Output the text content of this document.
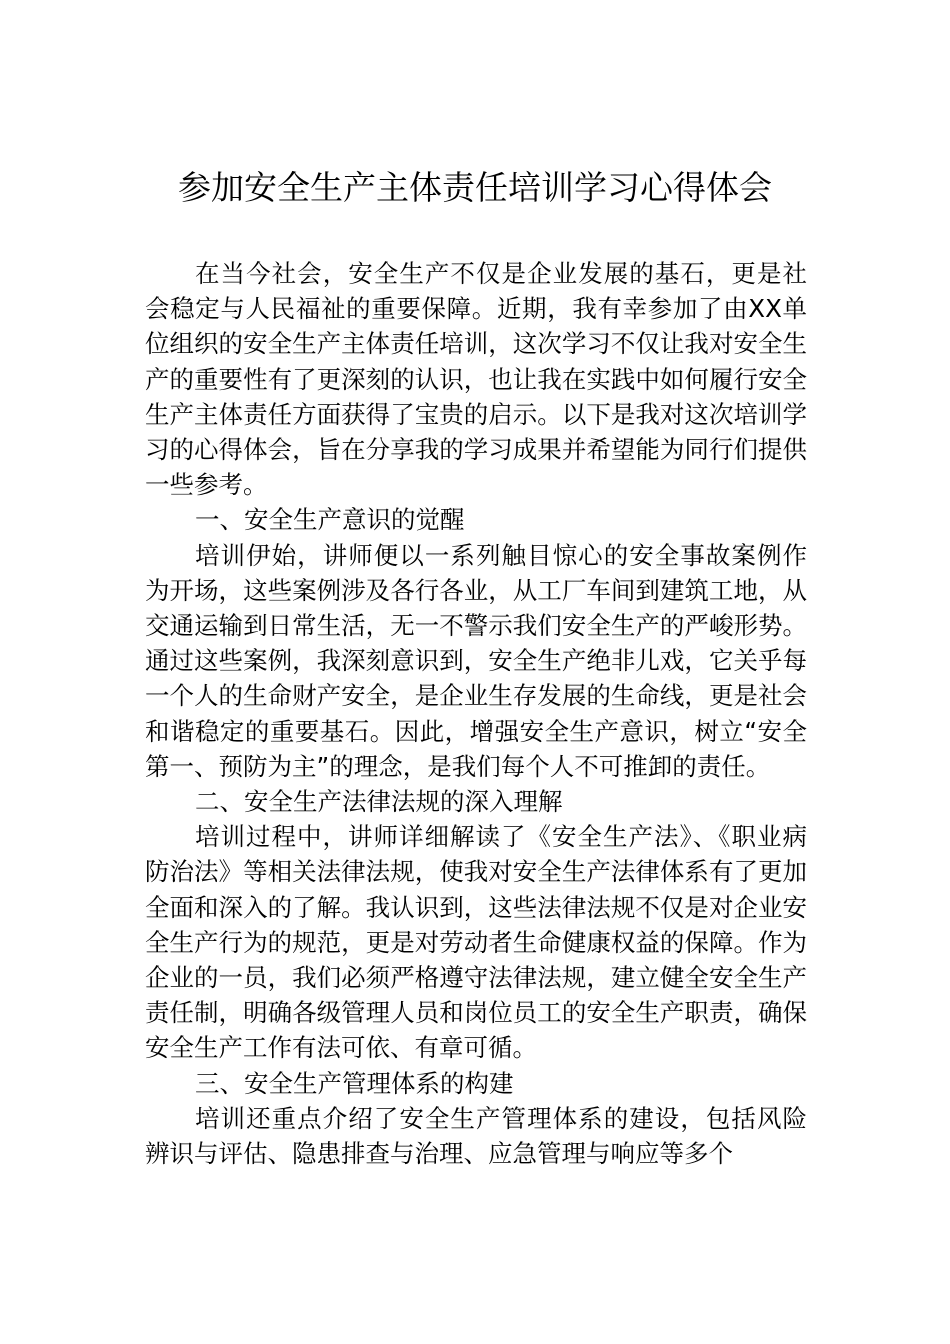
参加安全生产主体责任培训学习心得体会

在当今社会，安全生产不仅是企业发展的基石，更是社会稳定与人民福祉的重要保障。近期，我有幸参加了由XX单位组织的安全生产主体责任培训，这次学习不仅让我对安全生产的重要性有了更深刻的认识，也让我在实践中如何履行安全生产主体责任方面获得了宝贵的启示。以下是我对这次培训学习的心得体会，旨在分享我的学习成果并希望能为同行们提供一些参考。

一、安全生产意识的觉醒

培训伊始，讲师便以一系列触目惊心的安全事故案例作为开场，这些案例涉及各行各业，从工厂车间到建筑工地，从交通运输到日常生活，无一不警示我们安全生产的严峻形势。通过这些案例，我深刻意识到，安全生产绝非儿戏，它关乎每一个人的生命财产安全，是企业生存发展的生命线，更是社会和谐稳定的重要基石。因此，增强安全生产意识，树立“安全第一、预防为主”的理念，是我们每个人不可推卸的责任。

二、安全生产法律法规的深入理解

培训过程中，讲师详细解读了《安全生产法》、《职业病防治法》等相关法律法规，使我对安全生产法律体系有了更加全面和深入的了解。我认识到，这些法律法规不仅是对企业安全生产行为的规范，更是对劳动者生命健康权益的保障。作为企业的一员，我们必须严格遵守法律法规，建立健全安全生产责任制，明确各级管理人员和岗位员工的安全生产职责，确保安全生产工作有法可依、有章可循。

三、安全生产管理体系的构建

培训还重点介绍了安全生产管理体系的建设，包括风险辨识与评估、隐患排查与治理、应急管理与响应等多个
